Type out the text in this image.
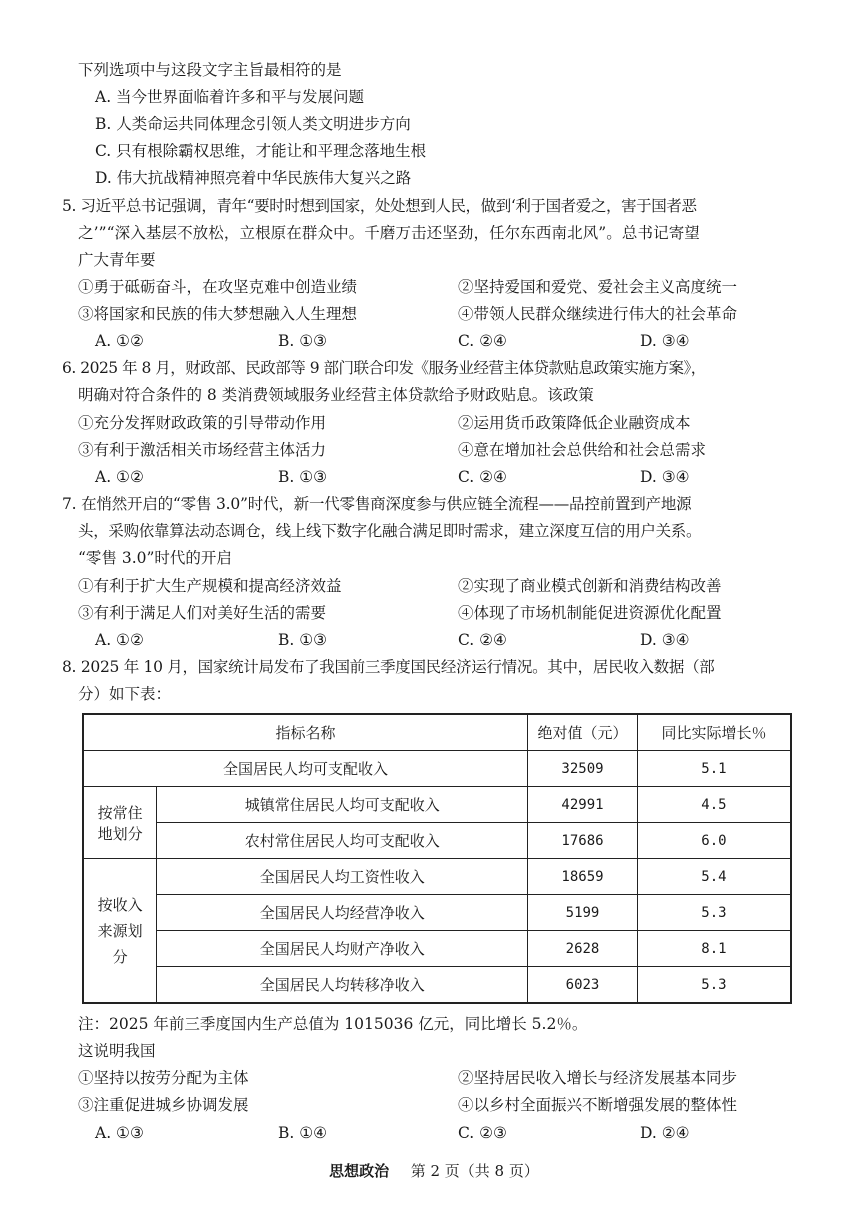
下列选项中与这段文字主旨最相符的是
A. 当今世界面临着许多和平与发展问题
B. 人类命运共同体理念引领人类文明进步方向
C. 只有根除霸权思维，才能让和平理念落地生根
D. 伟大抗战精神照亮着中华民族伟大复兴之路
5. 习近平总书记强调，青年“要时时想到国家，处处想到人民，做到‘利于国者爱之，害于国者恶
之’”“深入基层不放松，立根原在群众中。千磨万击还坚劲，任尔东西南北风”。总书记寄望
广大青年要
①勇于砥砺奋斗，在攻坚克难中创造业绩	②坚持爱国和爱党、爱社会主义高度统一
③将国家和民族的伟大梦想融入人生理想	④带领人民群众继续进行伟大的社会革命
A. ①②	B. ①③	C. ②④	D. ③④
6. 2025 年 8 月，财政部、民政部等 9 部门联合印发《服务业经营主体贷款贴息政策实施方案》，
明确对符合条件的 8 类消费领域服务业经营主体贷款给予财政贴息。该政策
①充分发挥财政政策的引导带动作用	②运用货币政策降低企业融资成本
③有利于激活相关市场经营主体活力	④意在增加社会总供给和社会总需求
A. ①②	B. ①③	C. ②④	D. ③④
7. 在悄然开启的“零售 3.0”时代，新一代零售商深度参与供应链全流程——品控前置到产地源
头，采购依靠算法动态调仓，线上线下数字化融合满足即时需求，建立深度互信的用户关系。
“零售 3.0”时代的开启
①有利于扩大生产规模和提高经济效益	②实现了商业模式创新和消费结构改善
③有利于满足人们对美好生活的需要	④体现了市场机制能促进资源优化配置
A. ①②	B. ①③	C. ②④	D. ③④
8. 2025 年 10 月，国家统计局发布了我国前三季度国民经济运行情况。其中，居民收入数据（部
分）如下表：
指标名称		绝对值（元）	同比实际增长％
全国居民人均可支配收入		32509	5.1

按常住
地划分	城镇常住居民人均可支配收入	42991	4.5
	农村常住居民人均可支配收入	17686	6.0

按收入
来源划
分	全国居民人均工资性收入	18659	5.4
	全国居民人均经营净收入	5199	5.3
	全国居民人均财产净收入	2628	8.1
	全国居民人均转移净收入	6023	5.3
注：2025 年前三季度国内生产总值为 1015036 亿元，同比增长 5.2％。
这说明我国
①坚持以按劳分配为主体	②坚持居民收入增长与经济发展基本同步
③注重促进城乡协调发展	④以乡村全面振兴不断增强发展的整体性
A. ①③	B. ①④	C. ②③	D. ②④
思想政治 第 2 页（共 8 页）
